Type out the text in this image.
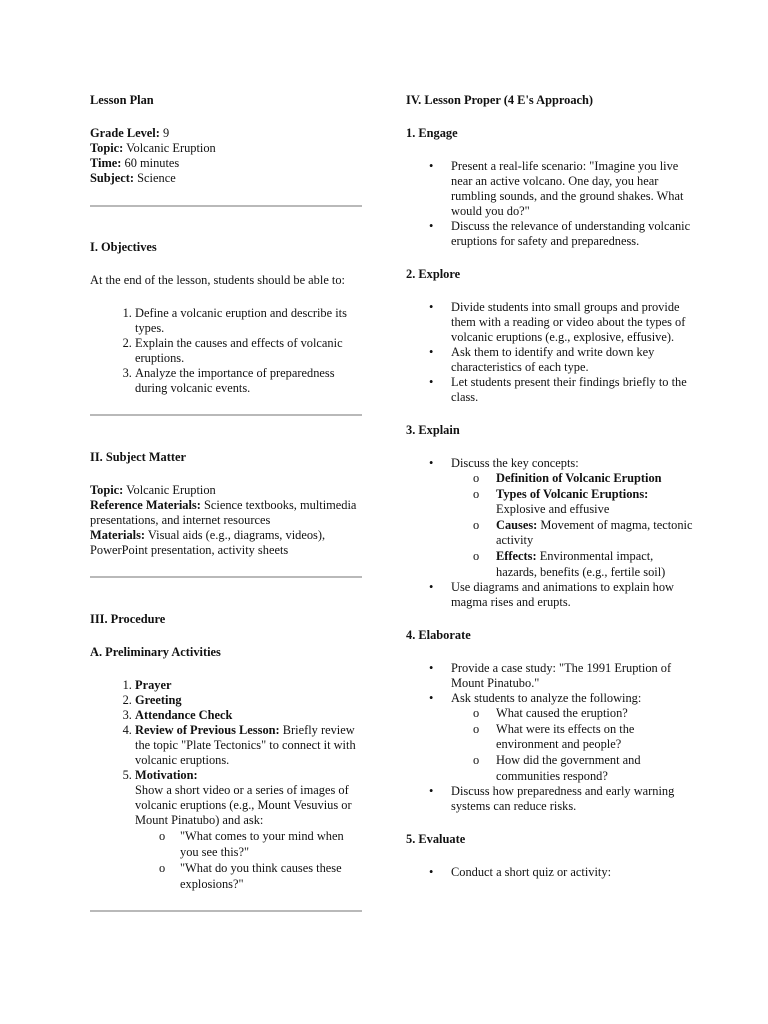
Lesson Plan

Grade Level: 9

Topic: Volcanic Eruption

Time: 60 minutes

Subject: Science

I. Objectives

At the end of the lesson, students should be able to:

1. Define a volcanic eruption and describe its types.
2. Explain the causes and effects of volcanic eruptions.
3. Analyze the importance of preparedness during volcanic events.

II. Subject Matter

Topic: Volcanic Eruption

Reference Materials: Science textbooks, multimedia presentations, and internet resources

Materials: Visual aids (e.g., diagrams, videos), PowerPoint presentation, activity sheets

III. Procedure

A. Preliminary Activities

1. Prayer
2. Greeting
3. Attendance Check
4. Review of Previous Lesson: Briefly review the topic "Plate Tectonics" to connect it with volcanic eruptions.
5. Motivation:

Show a short video or a series of images of volcanic eruptions (e.g., Mount Vesuvius or Mount Pinatubo) and ask:

o "What comes to your mind when you see this?"
o "What do you think causes these explosions?"

IV. Lesson Proper (4 E's Approach)

1. Engage

• Present a real-life scenario: "Imagine you live near an active volcano. One day, you hear rumbling sounds, and the ground shakes. What would you do?"
• Discuss the relevance of understanding volcanic eruptions for safety and preparedness.

2. Explore

• Divide students into small groups and provide them with a reading or video about the types of volcanic eruptions (e.g., explosive, effusive).
• Ask them to identify and write down key characteristics of each type.
• Let students present their findings briefly to the class.

3. Explain

• Discuss the key concepts:
o Definition of Volcanic Eruption
o Types of Volcanic Eruptions: Explosive and effusive
o Causes: Movement of magma, tectonic activity
o Effects: Environmental impact, hazards, benefits (e.g., fertile soil)
• Use diagrams and animations to explain how magma rises and erupts.

4. Elaborate

• Provide a case study: "The 1991 Eruption of Mount Pinatubo."
• Ask students to analyze the following:
o What caused the eruption?
o What were its effects on the environment and people?
o How did the government and communities respond?
• Discuss how preparedness and early warning systems can reduce risks.

5. Evaluate

• Conduct a short quiz or activity:
